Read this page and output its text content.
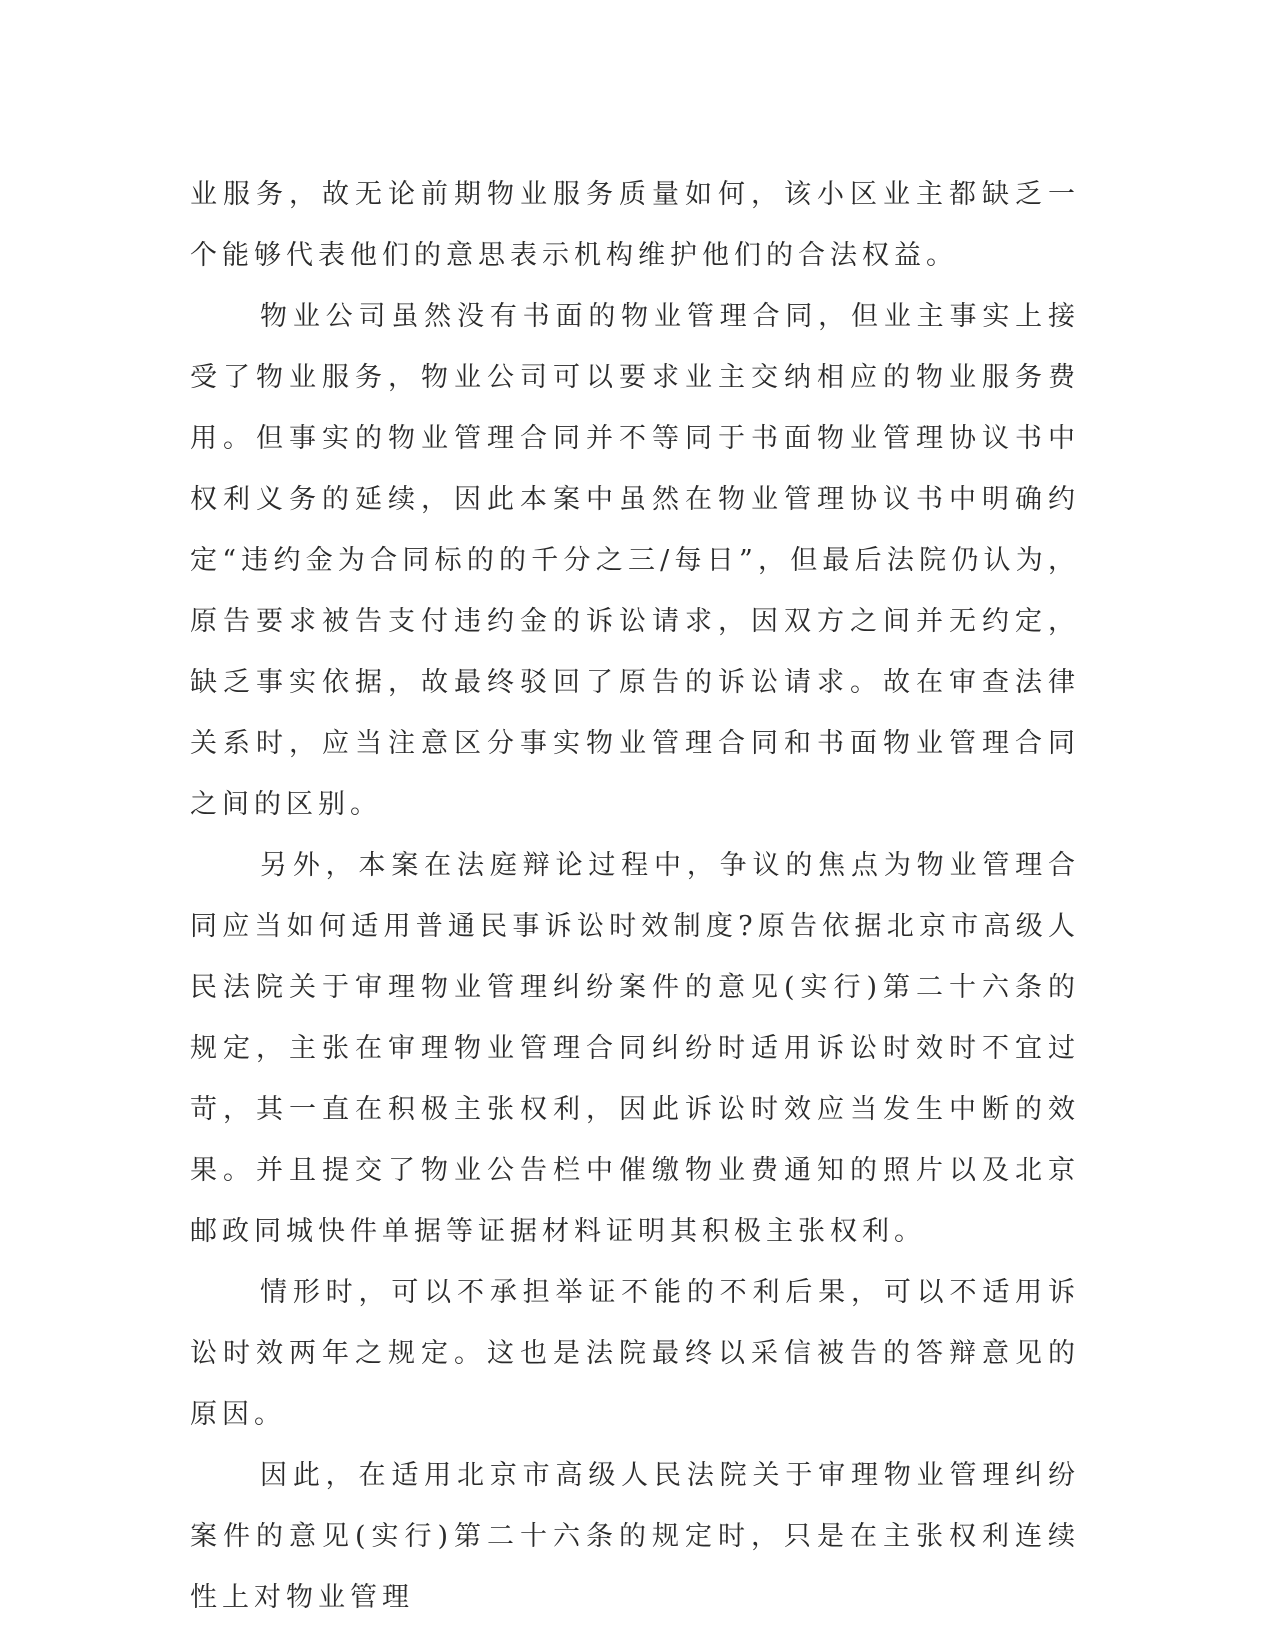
业服务，故无论前期物业服务质量如何，该小区业主都缺乏一个能够代表他们的意思表示机构维护他们的合法权益。

物业公司虽然没有书面的物业管理合同，但业主事实上接受了物业服务，物业公司可以要求业主交纳相应的物业服务费用。但事实的物业管理合同并不等同于书面物业管理协议书中权利义务的延续，因此本案中虽然在物业管理协议书中明确约定“违约金为合同标的的千分之三/每日”，但最后法院仍认为，原告要求被告支付违约金的诉讼请求，因双方之间并无约定，缺乏事实依据，故最终驳回了原告的诉讼请求。故在审查法律关系时，应当注意区分事实物业管理合同和书面物业管理合同之间的区别。

另外，本案在法庭辩论过程中，争议的焦点为物业管理合同应当如何适用普通民事诉讼时效制度?原告依据北京市高级人民法院关于审理物业管理纠纷案件的意见(实行)第二十六条的规定，主张在审理物业管理合同纠纷时适用诉讼时效时不宜过苛，其一直在积极主张权利，因此诉讼时效应当发生中断的效果。并且提交了物业公告栏中催缴物业费通知的照片以及北京邮政同城快件单据等证据材料证明其积极主张权利。

情形时，可以不承担举证不能的不利后果，可以不适用诉讼时效两年之规定。这也是法院最终以采信被告的答辩意见的原因。

因此，在适用北京市高级人民法院关于审理物业管理纠纷案件的意见(实行)第二十六条的规定时，只是在主张权利连续性上对物业管理
